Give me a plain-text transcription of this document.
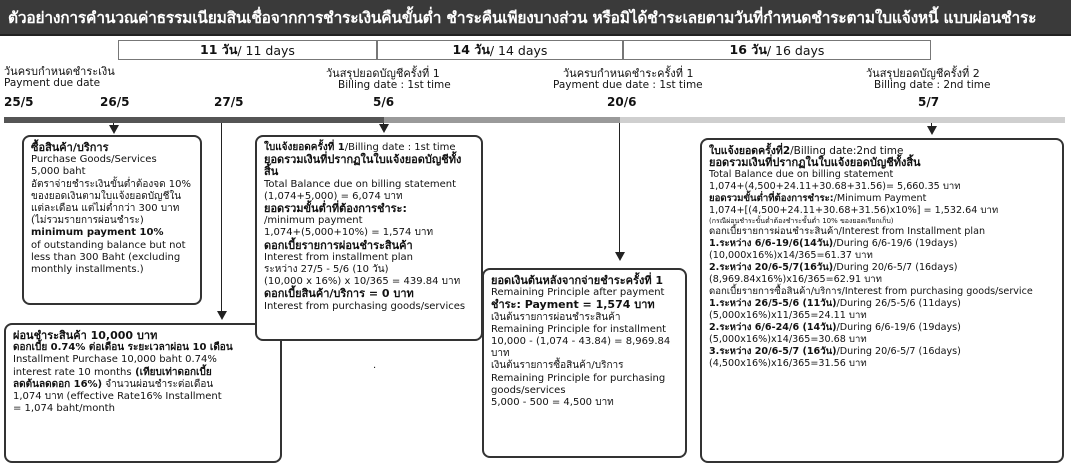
ตัวอย่างการคำนวณค่าธรรมเนียมสินเชื่อจากการชำระเงินคืนขั้นต่ำ ชำระคืนเพียงบางส่วน หรือมิได้ชำระเลยตามวันที่กำหนดชำระตามใบแจ้งหนี้ แบบผ่อนชำระ
11 วัน / 11 days	14 วัน / 14 days	16 วัน / 16 days
วันครบกำหนดชำระเงิน
Payment due date
วันสรุปยอดบัญชีครั้งที่ 1
Billing date : 1st time
วันครบกำหนดชำระครั้งที่ 1
Payment due date : 1st time
วันสรุปยอดบัญชีครั้งที่ 2
Billing date : 2nd time
25/5	26/5	27/5	5/6	20/6	5/7
ซื้อสินค้า/บริการ
Purchase Goods/Services
5,000 baht
อัตราจ่ายชำระเงินขั้นต่ำต้องจด 10%
ของยอดเงินตามใบแจ้งยอดบัญชีใน
แต่ละเดือน แต่ไม่ต่ำกว่า 300 บาท
(ไม่รวมรายการผ่อนชำระ)
minimum payment 10%
of outstanding balance but not
less than 300 Baht (excluding
monthly installments.)
ผ่อนชำระสินค้า 10,000 บาท
ดอกเบี้ย 0.74% ต่อเดือน ระยะเวลาผ่อน 10 เดือน
Installment Purchase 10,000 baht 0.74%
interest rate 10 months (เทียบเท่าดอกเบี้ย
ลดต้นลดดอก 16%) จำนวนผ่อนชำระต่อเดือน
1,074 บาท (effective Rate16% Installment
= 1,074 baht/month
ใบแจ้งยอดครั้งที่ 1/Billing date : 1st time
ยอดรวมเงินที่ปรากฏในใบแจ้งยอดบัญชีทั้งสิ้น
Total Balance due on billing statement
(1,074+5,000) = 6,074 บาท
ยอดรวมขั้นต่ำที่ต้องการชำระ:
/minimum payment
1,074+(5,000+10%) = 1,574 บาท
ดอกเบี้ยรายการผ่อนชำระสินค้า
Interest from installment plan
ระหว่าง 27/5 - 5/6 (10 วัน)
(10,000 x 16%) x 10/365 = 439.84 บาท
ดอกเบี้ยสินค้า/บริการ = 0 บาท
Interest from purchasing goods/services
.
ยอดเงินต้นหลังจากจ่ายชำระครั้งที่ 1
Remaining Principle after payment
ชำระ: Payment = 1,574 บาท
เงินต้นรายการผ่อนชำระสินค้า
Remaining Principle for installment
10,000 - (1,074 - 43.84) = 8,969.84 บาท
เงินต้นรายการซื้อสินค้า/บริการ
Remaining Principle for purchasing
goods/services
5,000 - 500 = 4,500 บาท
ใบแจ้งยอดครั้งที่2/Billing date:2nd time
ยอดรวมเงินที่ปรากฏในใบแจ้งยอดบัญชีทั้งสิ้น
Total Balance due on billing statement
1,074+(4,500+24.11+30.68+31.56)= 5,660.35 บาท
ยอดรวมขั้นต่ำที่ต้องการชำระ:/Minimum Payment
1,074+[(4,500+24.11+30.68+31.56)x10%] = 1,532.64 บาท
(กรณีผ่อนชำระขั้นต่ำต้องชำระขั้นต่ำ 10% ของยอดเรียกเก็บ)
ดอกเบี้ยรายการผ่อนชำระสินค้า/Interest from Installment plan
1.ระหว่าง 6/6-19/6(14วัน)/During 6/6-19/6 (19days)
(10,000x16%)x14/365=61.37 บาท
2.ระหว่าง 20/6-5/7(16วัน)/During 20/6-5/7 (16days)
(8,969.84x16%)x16/365=62.91 บาท
ดอกเบี้ยรายการซื้อสินค้า/บริการ/Interest from purchasing goods/service
1.ระหว่าง 26/5-5/6 (11วัน)/During 26/5-5/6 (11days)
(5,000x16%)x11/365=24.11 บาท
2.ระหว่าง 6/6-24/6 (14วัน)/During 6/6-19/6 (19days)
(5,000x16%)x14/365=30.68 บาท
3.ระหว่าง 20/6-5/7 (16วัน)/During 20/6-5/7 (16days)
(4,500x16%)x16/365=31.56 บาท
